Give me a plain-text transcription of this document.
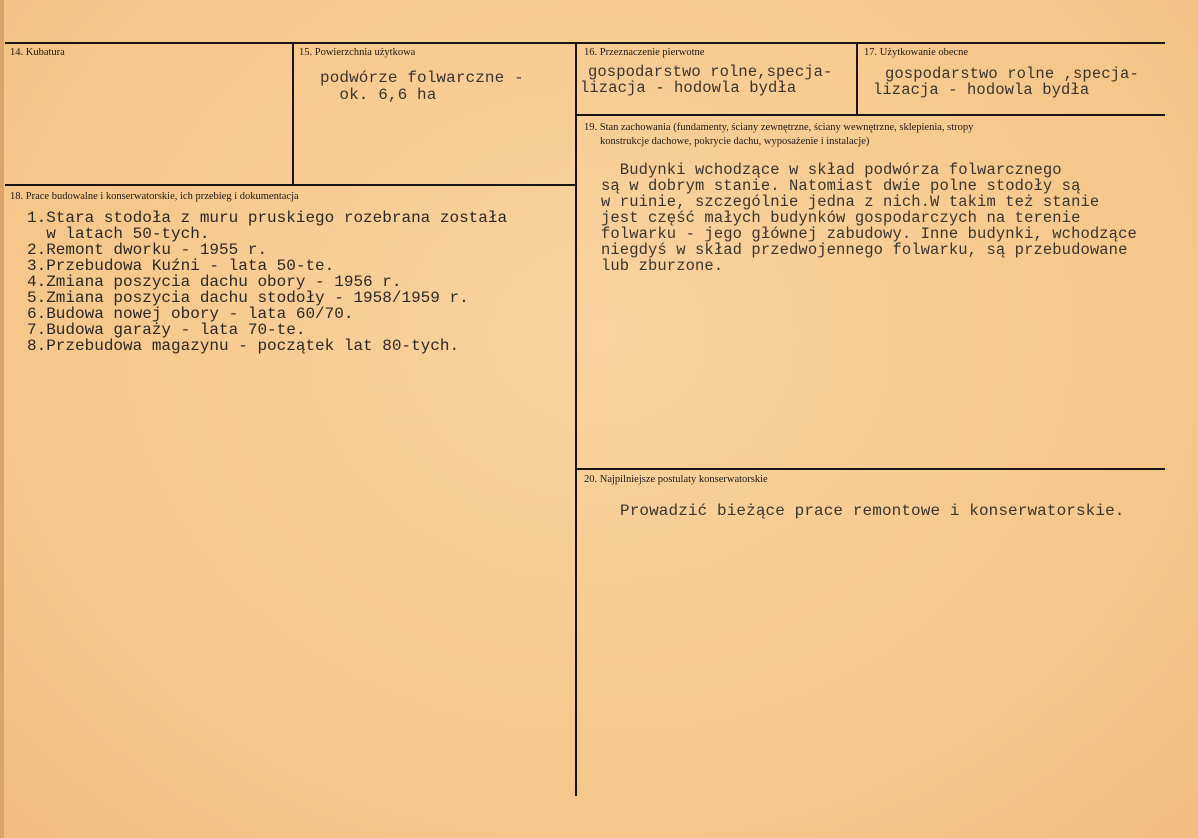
14. Kubatura	15. Powierzchnia użytkowa
podwórze folwarczne -
ok. 6,6 ha
16. Przeznaczenie pierwotne
gospodarstwo rolne,specja-
lizacja - hodowla bydła
17. Użytkowanie obecne
gospodarstwo rolne ,specja-
lizacja - hodowla bydła
18. Prace budowalne i konserwatorskie, ich przebieg i dokumentacja
1.Stara stodoła z muru pruskiego rozebrana została
w latach 50-tych.
2.Remont dworku - 1955 r.
3.Przebudowa Kuźni - lata 50-te.
4.Zmiana poszycia dachu obory - 1956 r.
5.Zmiana poszycia dachu stodoły - 1958/1959 r.
6.Budowa nowej obory - lata 60/70.
7.Budowa garaży - lata 70-te.
8.Przebudowa magazynu - początek lat 80-tych.
19. Stan zachowania (fundamenty, ściany zewnętrzne, ściany wewnętrzne, sklepienia, stropy
konstrukcje dachowe, pokrycie dachu, wyposażenie i instalacje)
Budynki wchodzące w skład podwórza folwarcznego
są w dobrym stanie. Natomiast dwie polne stodoły są
w ruinie, szczególnie jedna z nich.W takim też stanie
jest część małych budynków gospodarczych na terenie
folwarku - jego głównej zabudowy. Inne budynki, wchodzące
niegdyś w skład przedwojennego folwarku, są przebudowane
lub zburzone.
20. Najpilniejsze postulaty konserwatorskie
Prowadzić bieżące prace remontowe i konserwatorskie.
